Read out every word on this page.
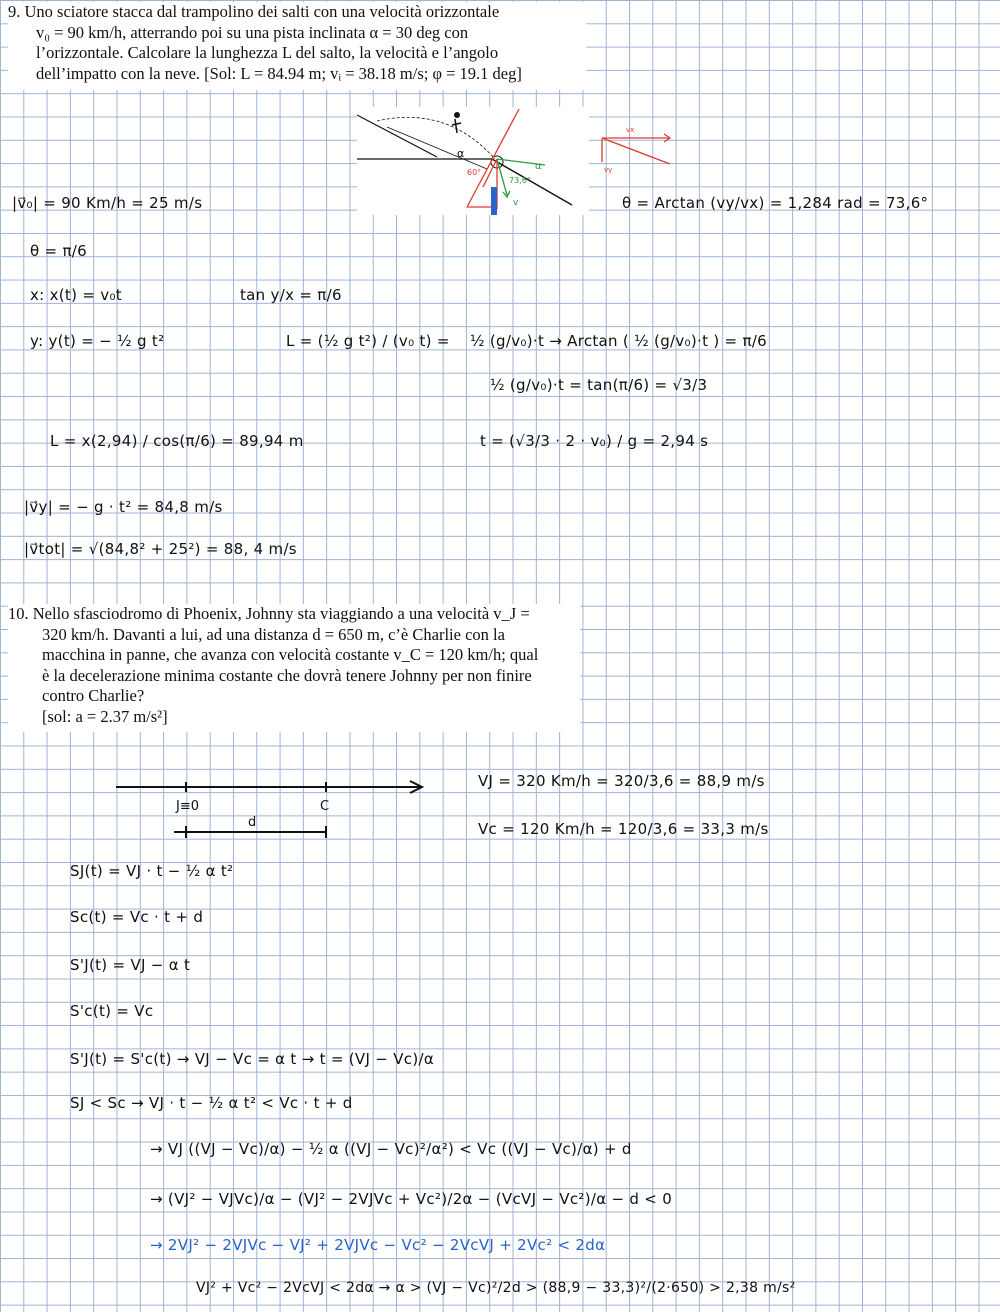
9. Uno sciatore stacca dal trampolino dei salti con una velocità orizzontale

v₀ = 90 km/h, atterrando poi su una pista inclinata α = 30 deg con

l’orizzontale. Calcolare la lunghezza L del salto, la velocità e l’angolo

dell’impatto con la neve. [Sol: L = 84.94 m; vᵢ = 38.18 m/s; φ = 19.1 deg]

α
α
60°
73,6°
v
vx
vy
|v⃗₀| = 90 Km/h = 25 m/s	θ = Arctan (vy/vx) = 1,284 rad = 73,6°
θ = π/6
x: x(t) = v₀t	tan y/x = π/6
y: y(t) = − ½ g t²	L = (½ g t²) / (v₀ t) = ½ (g/v₀)·t → Arctan ( ½ (g/v₀)·t ) = π/6
½ (g/v₀)·t = tan(π/6) = √3/3
L = x(2,94) / cos(π/6) = 89,94 m	t = (√3/3 · 2 · v₀) / g = 2,94 s
|v⃗y| = − g · t² = 84,8 m/s
|v⃗tot| = √(84,8² + 25²) = 88, 4 m/s

10. Nello sfasciodromo di Phoenix, Johnny sta viaggiando a una velocità v_J =

320 km/h. Davanti a lui, ad una distanza d = 650 m, c’è Charlie con la

macchina in panne, che avanza con velocità costante v_C = 120 km/h; qual

è la decelerazione minima costante che dovrà tenere Johnny per non finire

contro Charlie?

[sol: a = 2.37 m/s²]

J≡0	C
d
VJ = 320 Km/h = 320/3,6 = 88,9 m/s
Vc = 120 Km/h = 120/3,6 = 33,3 m/s
SJ(t) = VJ · t − ½ α t²
Sc(t) = Vc · t + d
S'J(t) = VJ − α t
S'c(t) = Vc
S'J(t) = S'c(t) → VJ − Vc = α t → t = (VJ − Vc)/α
SJ < Sc → VJ · t − ½ α t² < Vc · t + d
→ VJ ((VJ − Vc)/α) − ½ α ((VJ − Vc)²/α²) < Vc ((VJ − Vc)/α) + d
→ (VJ² − VJVc)/α − (VJ² − 2VJVc + Vc²)/2α − (VcVJ − Vc²)/α − d < 0
→ 2VJ² − 2VJVc − VJ² + 2VJVc − Vc² − 2VcVJ + 2Vc² < 2dα
VJ² + Vc² − 2VcVJ < 2dα → α > (VJ − Vc)²/2d > (88,9 − 33,3)²/(2·650) > 2,38 m/s²
